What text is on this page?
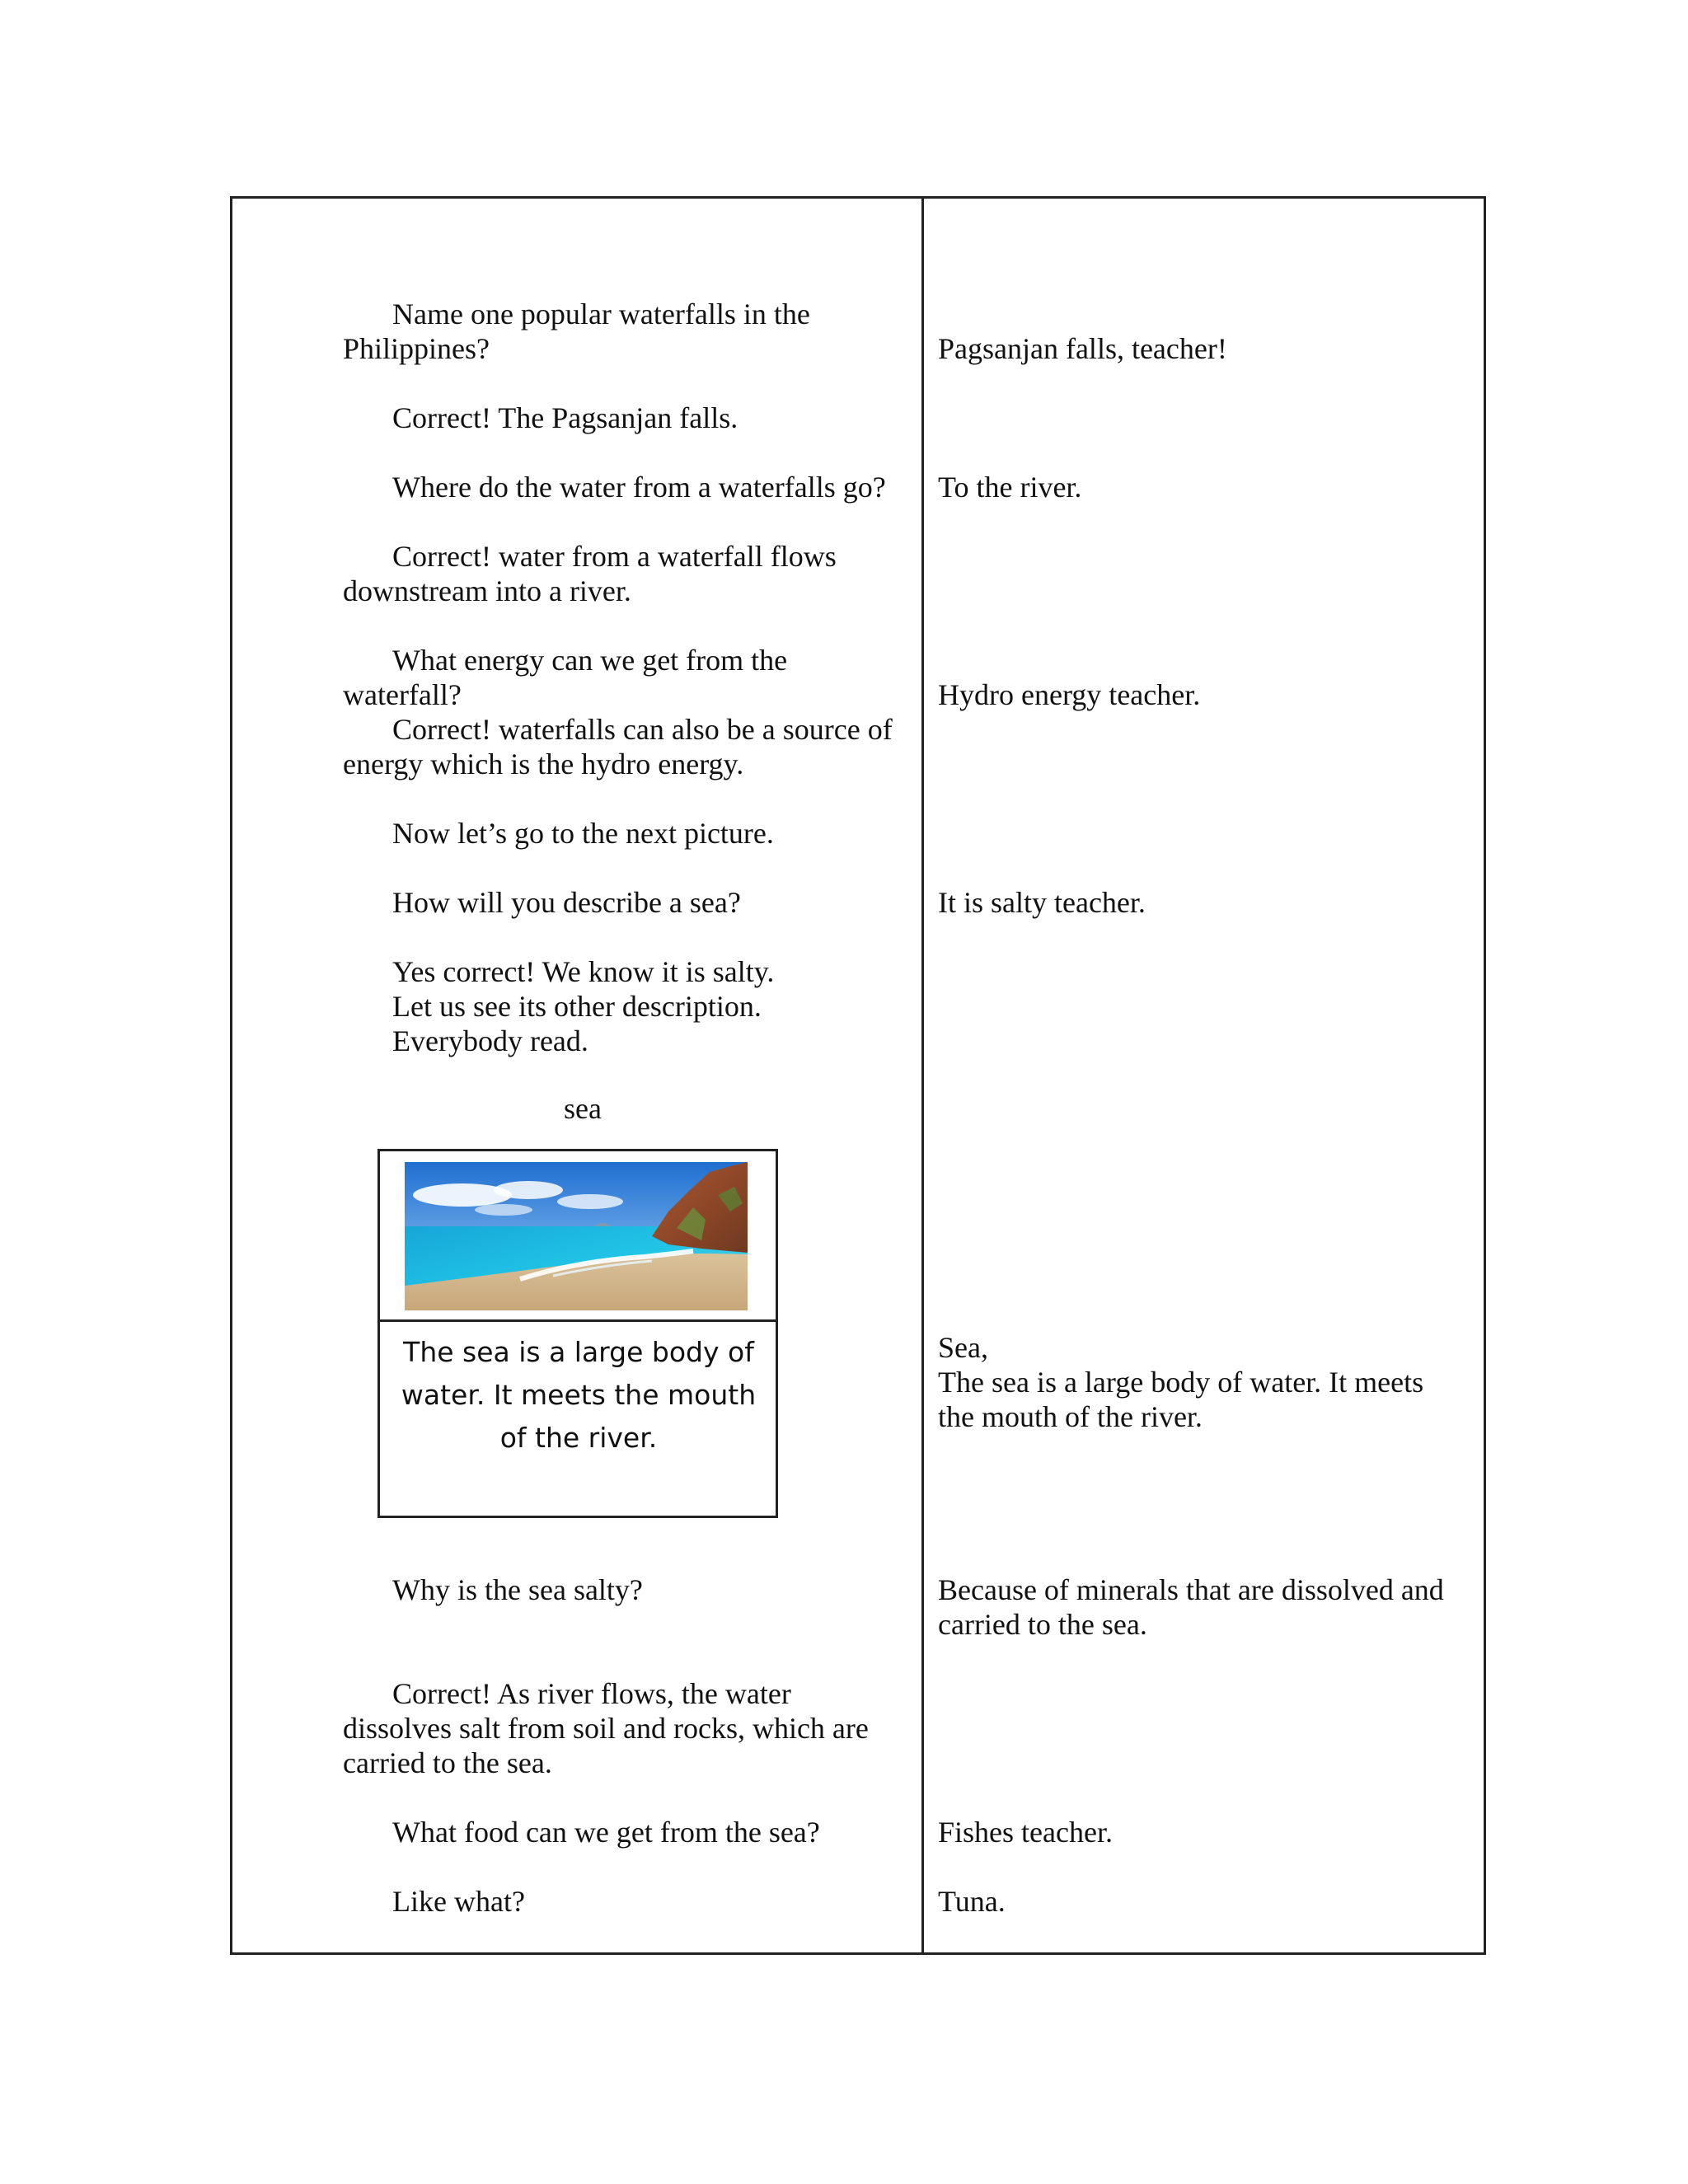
Name one popular waterfalls in the
Philippines?
Correct! The Pagsanjan falls.
Where do the water from a waterfalls go?
Correct! water from a waterfall flows
downstream into a river.
What energy can we get from the
waterfall?
Correct! waterfalls can also be a source of
energy which is the hydro energy.
Now let’s go to the next picture.
How will you describe a sea?
Yes correct! We know it is salty.
Let us see its other description.
Everybody read.
sea
The sea is a large body of water. It meets the mouth of the river.
Why is the sea salty?
Correct! As river flows, the water
dissolves salt from soil and rocks, which are
carried to the sea.
What food can we get from the sea?
Like what?
Pagsanjan falls, teacher!
To the river.
Hydro energy teacher.
It is salty teacher.
Sea,
The sea is a large body of water. It meets
the mouth of the river.
Because of minerals that are dissolved and
carried to the sea.
Fishes teacher.
Tuna.
